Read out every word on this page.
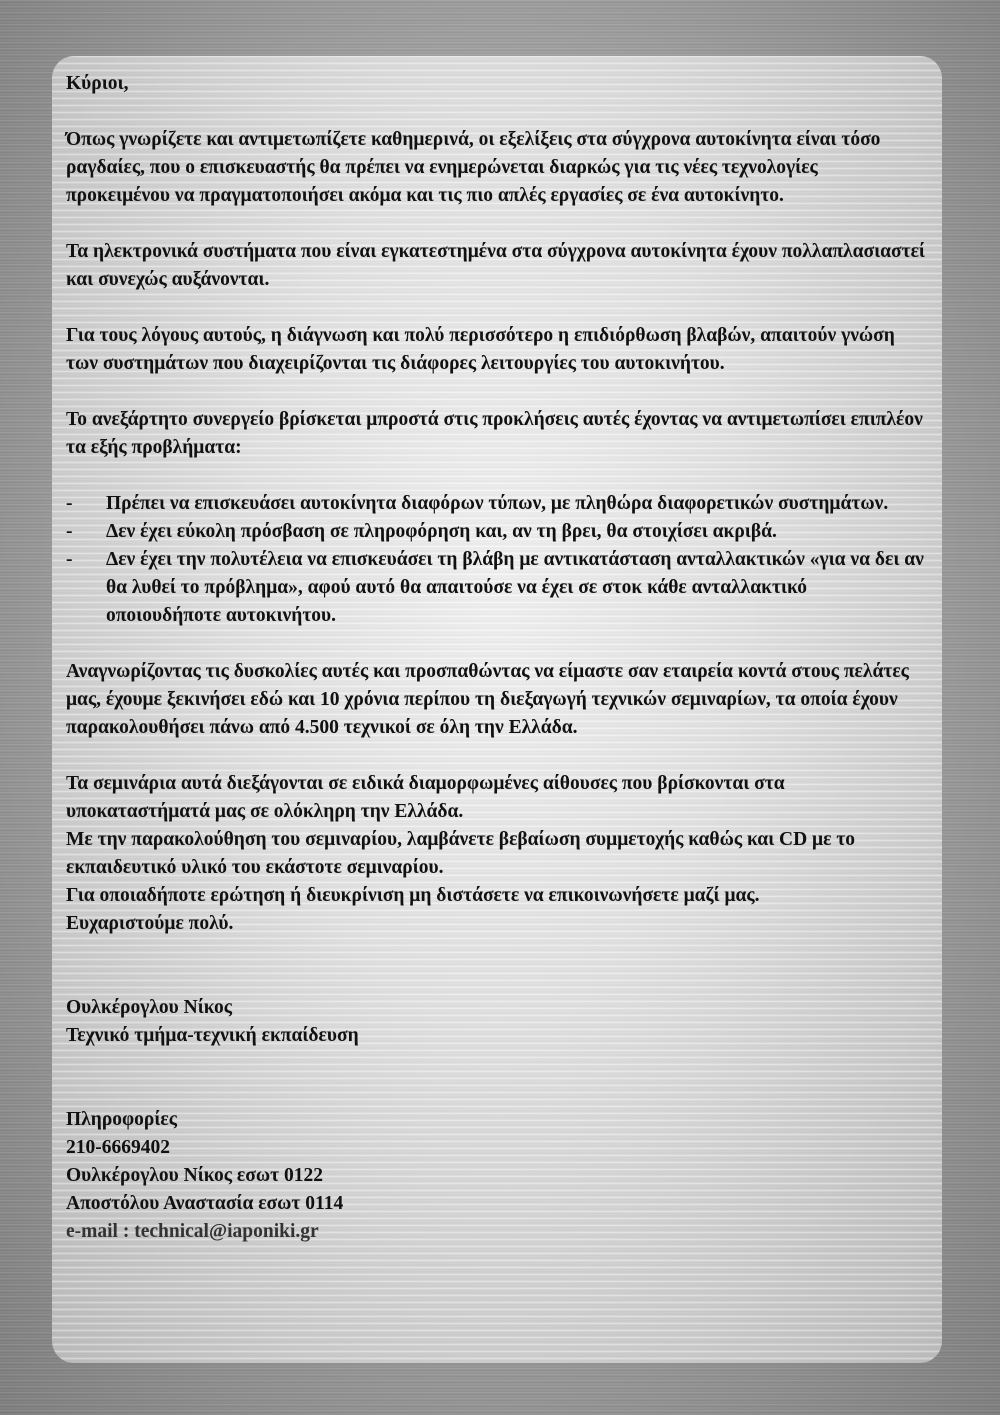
Κύριοι,

Όπως γνωρίζετε και αντιμετωπίζετε καθημερινά, οι εξελίξεις στα σύγχρονα αυτοκίνητα είναι τόσο ραγδαίες, που ο επισκευαστής θα πρέπει να ενημερώνεται διαρκώς για τις νέες τεχνολογίες προκειμένου να πραγματοποιήσει ακόμα και τις πιο απλές εργασίες σε ένα αυτοκίνητο.

Τα ηλεκτρονικά συστήματα που είναι εγκατεστημένα στα σύγχρονα αυτοκίνητα έχουν πολλαπλασιαστεί και συνεχώς αυξάνονται.

Για τους λόγους αυτούς, η διάγνωση και πολύ περισσότερο η επιδιόρθωση βλαβών, απαιτούν γνώση των συστημάτων που διαχειρίζονται τις διάφορες λειτουργίες του αυτοκινήτου.

Το ανεξάρτητο συνεργείο βρίσκεται μπροστά στις προκλήσεις αυτές έχοντας να αντιμετωπίσει επιπλέον τα εξής προβλήματα:

- Πρέπει να επισκευάσει αυτοκίνητα διαφόρων τύπων, με πληθώρα διαφορετικών συστημάτων.
- Δεν έχει εύκολη πρόσβαση σε πληροφόρηση και, αν τη βρει, θα στοιχίσει ακριβά.
- Δεν έχει την πολυτέλεια να επισκευάσει τη βλάβη με αντικατάσταση ανταλλακτικών «για να δει αν θα λυθεί το πρόβλημα», αφού αυτό θα απαιτούσε να έχει σε στοκ κάθε ανταλλακτικό οποιουδήποτε αυτοκινήτου.

Αναγνωρίζοντας τις δυσκολίες αυτές και προσπαθώντας να είμαστε σαν εταιρεία κοντά στους πελάτες μας, έχουμε ξεκινήσει εδώ και 10 χρόνια περίπου τη διεξαγωγή τεχνικών σεμιναρίων, τα οποία έχουν παρακολουθήσει πάνω από 4.500 τεχνικοί σε όλη την Ελλάδα.

Τα σεμινάρια αυτά διεξάγονται σε ειδικά διαμορφωμένες αίθουσες που βρίσκονται στα υποκαταστήματά μας σε ολόκληρη την Ελλάδα.

Με την παρακολούθηση του σεμιναρίου, λαμβάνετε βεβαίωση συμμετοχής καθώς και CD με το εκπαιδευτικό υλικό του εκάστοτε σεμιναρίου.

Για οποιαδήποτε ερώτηση ή διευκρίνιση μη διστάσετε να επικοινωνήσετε μαζί μας.

Ευχαριστούμε πολύ.

Ουλκέρογλου Νίκος

Τεχνικό τμήμα-τεχνική εκπαίδευση

Πληροφορίες

210-6669402

Ουλκέρογλου Νίκος εσωτ 0122

Αποστόλου Αναστασία εσωτ 0114

e-mail : technical@iaponiki.gr
